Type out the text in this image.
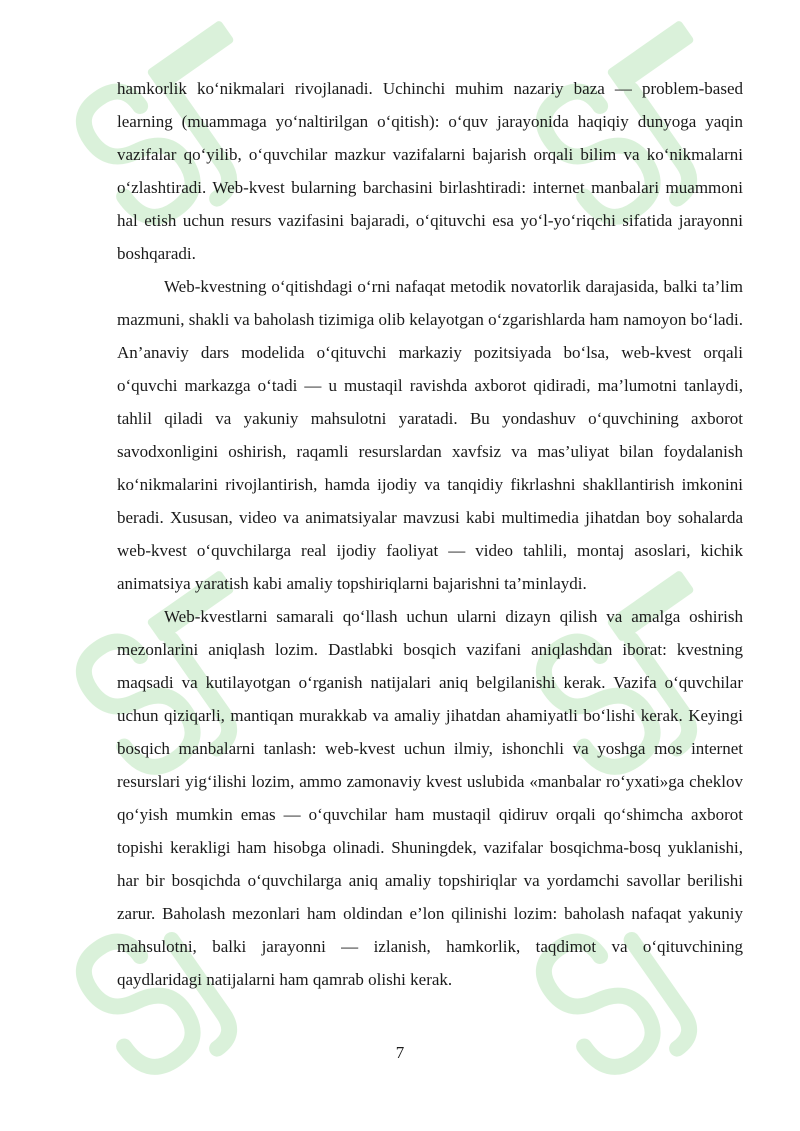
hamkorlik ko‘nikmalari rivojlanadi. Uchinchi muhim nazariy baza — problem-based learning (muammaga yo‘naltirilgan o‘qitish): o‘quv jarayonida haqiqiy dunyoga yaqin vazifalar qo‘yilib, o‘quvchilar mazkur vazifalarni bajarish orqali bilim va ko‘nikmalarni o‘zlashtiradi. Web-kvest bularning barchasini birlashtiradi: internet manbalari muammoni hal etish uchun resurs vazifasini bajaradi, o‘qituvchi esa yo‘l-yo‘riqchi sifatida jarayonni boshqaradi.

Web-kvestning o‘qitishdagi o‘rni nafaqat metodik novatorlik darajasida, balki ta’lim mazmuni, shakli va baholash tizimiga olib kelayotgan o‘zgarishlarda ham namoyon bo‘ladi. An’anaviy dars modelida o‘qituvchi markaziy pozitsiyada bo‘lsa, web-kvest orqali o‘quvchi markazga o‘tadi — u mustaqil ravishda axborot qidiradi, ma’lumotni tanlaydi, tahlil qiladi va yakuniy mahsulotni yaratadi. Bu yondashuv o‘quvchining axborot savodxonligini oshirish, raqamli resurslardan xavfsiz va mas’uliyat bilan foydalanish ko‘nikmalarini rivojlantirish, hamda ijodiy va tanqidiy fikrlashni shakllantirish imkonini beradi. Xususan, video va animatsiyalar mavzusi kabi multimedia jihatdan boy sohalarda web-kvest o‘quvchilarga real ijodiy faoliyat — video tahlili, montaj asoslari, kichik animatsiya yaratish kabi amaliy topshiriqlarni bajarishni ta’minlaydi.

Web-kvestlarni samarali qo‘llash uchun ularni dizayn qilish va amalga oshirish mezonlarini aniqlash lozim. Dastlabki bosqich vazifani aniqlashdan iborat: kvestning maqsadi va kutilayotgan o‘rganish natijalari aniq belgilanishi kerak. Vazifa o‘quvchilar uchun qiziqarli, mantiqan murakkab va amaliy jihatdan ahamiyatli bo‘lishi kerak. Keyingi bosqich manbalarni tanlash: web-kvest uchun ilmiy, ishonchli va yoshga mos internet resurslari yig‘ilishi lozim, ammo zamonaviy kvest uslubida «manbalar ro‘yxati»ga cheklov qo‘yish mumkin emas — o‘quvchilar ham mustaqil qidiruv orqali qo‘shimcha axborot topishi kerakligi ham hisobga olinadi. Shuningdek, vazifalar bosqichma-bosq yuklanishi, har bir bosqichda o‘quvchilarga aniq amaliy topshiriqlar va yordamchi savollar berilishi zarur. Baholash mezonlari ham oldindan e’lon qilinishi lozim: baholash nafaqat yakuniy mahsulotni, balki jarayonni — izlanish, hamkorlik, taqdimot va o‘qituvchining qaydlaridagi natijalarni ham qamrab olishi kerak.

7
